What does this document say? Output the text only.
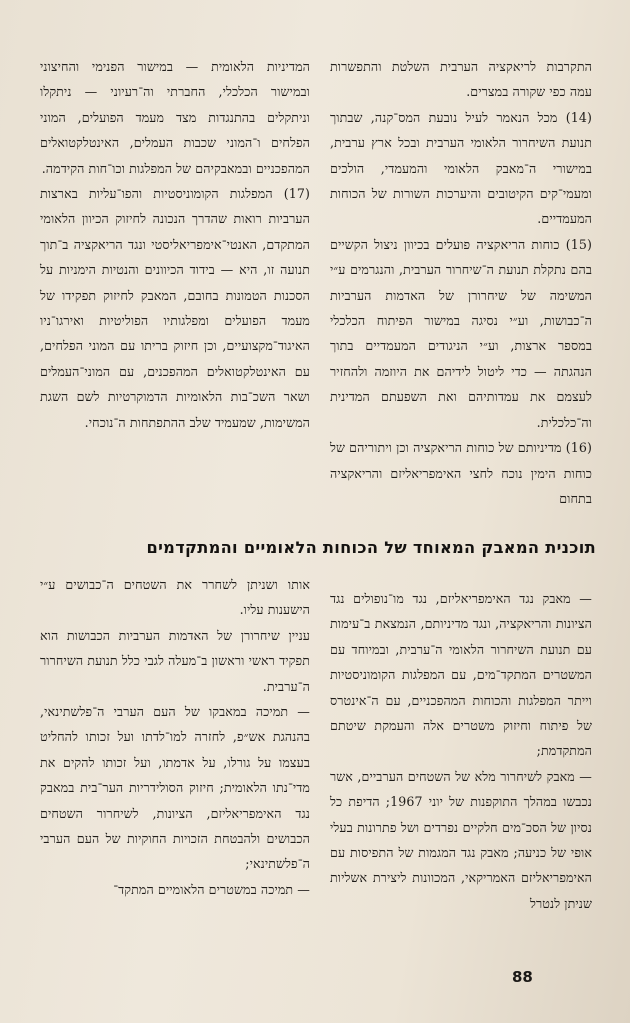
התקרבות לריאקציה הערבית השלטת והתפשרות עמה כפי שקורה במצרים.

(14) מכל הנאמר לעיל נובעת המס־קנה, שבתוך תנועת השיחרור הלאומי הערבית ובכל ארץ ערבית, במישורי ה־מאבק הלאומי והמעמדי, הולכים ומעמי־קים הקיטובים והיערכות השורות של הכוחות המעמדיים.

(15) כוחות הריאקציה פועלים בכיוון ניצול הקשיים בהם נתקלת תנועת ה־שיחרור הערבית, והנגרמים ע״י המשימה של שיחרורן של האדמות הערביות ה־כבושות, וע״י נסיגה במישור הפיתוח הכלכלי במספר ארצות, וע״י הניגודים המעמדיים בתוך הנהגתה — כדי ליטול לידיהם את היוזמה ולהחזיר לעצמם את עמדותיהם ואת השפעתם המדינית וה־כלכלית.

(16) מדיניותם של כוחות הריאקציה וכן ויתוריהם של כוחות הימין נוכח לחצי האימפריאליזם והריאקציה בתחום

המדיניות הלאומית — במישור הפנימי והחיצוני ובמישור הכלכלי, החברתי וה־רעיוני — ניתקלו וניתקלים בהתנגדות מצד מעמד הפועלים, המוני הפלחים ו־המוני שכבות העמלים, האינטלקטואלים המהפכניים ובמאבקיהם של המפלגות וכו־חות הקידמה.

(17) המפלגות הקומוניסטיות והפו־עליות בארצות הערביות רואות שהדרך הנכונה לחיזוק הכיוון הלאומי המתקדם, האנטי־אימפריאליסטי ונגד הריאקציה ב־תוך תנועה זו, היא — בידוד הכיוונים והנטיות הימניות על הסכנות הטמונות בחובם, המאבק לחיזוק תפקידו של מעמד הפועלים ומפלגותיו הפוליטיות ואירגו־ניו האיגוד־מקצועיים, וכן חיזוק בריתו עם המוני הפלחים, עם האינטלקטואלים המהפכנים, עם המוני־העמלים ושאר השכ־בות הלאומיות הדמוקרטיות לשם השגת המשימות, שמעמיד שלב ההתפתחות ה־נוכחי.

תוכנית המאבק המאוחד של הכוחות הלאומיים והמתקדמים

— מאבק נגד האימפריאליזם, נגד מו־נופולים נגד הציונות והריאקציה, ונגד מדיניותם, הנמצאת ב־עימות עם תנועת השיחרור הלאומי ה־ערבית, ובמיוחד עם המשטרים המתקד־מים, עם המפלגות הקומוניסטיות וייתר המפלגות והכוחות המהפכניים, עם ה־אינטרס של פיתוח וחיזוק משטרים אלה והעמקת שיטתם המתקדמת;

— מאבק לשיחרור מלא של השטחים הערביים, אשר נכבשו במהלך התוקפנות של יוני 1967; הדיפת כל נסיון של הסכ־מים חלקיים נפרדים ושל פתרונות בעלי אופי של כניעה; מאבק נגד המגמות של התפיסות עם האימפריאליזם האמריקאי, המכוונות ליצירת אשליות שניתן לנטרל

אותו ושניתן לשחרר את השטחים ה־כבושים ע״י הישענות עליו.

עניין שיחרורן של האדמות הערביות הכבושות הוא תפקיד ראשי וראשון ב־מעלה לגבי כלל תנועת השיחרור ה־ערבית.

— תמיכה במאבקו של העם הערבי ה־פלשתינאי, בהנהגת אש״פ, לחזרה למו־לדתו ועל זכותו להחליט בעצמו על גורלו, על אדמתו, ועל זכותו להקים את מדי־נתו הלאומית; חיזוק הסולידריות הער־בית במאבק נגד האימפריאליזם, הציונות, לשיחרור השטחים הכבושים ולהבטחת הזכויות החוקיות של העם הערבי ה־פלשתינאי;

— תמיכה במשטרים הלאומיים המתקד־

88
